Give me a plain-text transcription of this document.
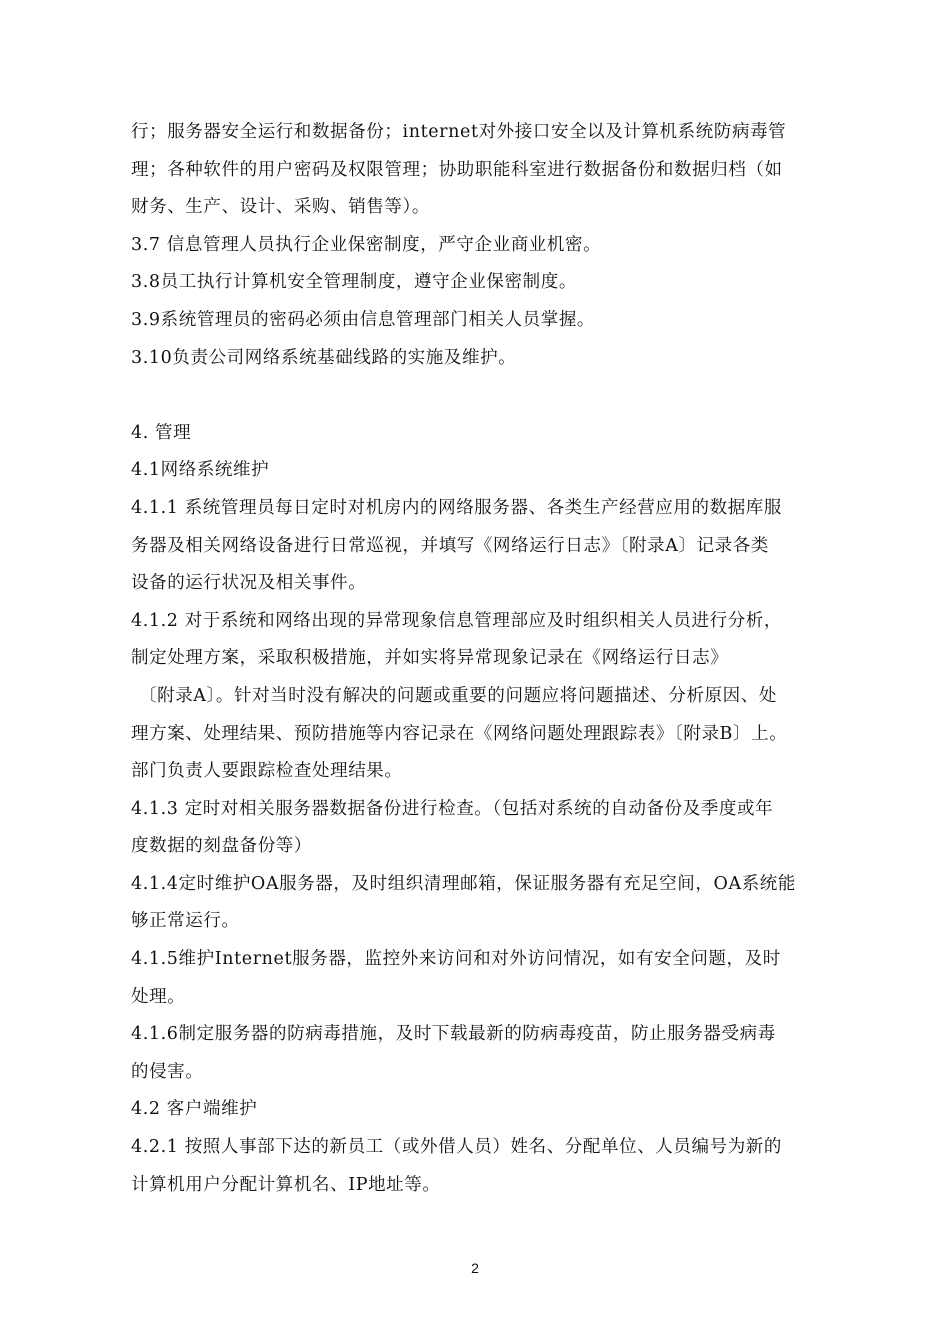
行；服务器安全运行和数据备份；internet对外接口安全以及计算机系统防病毒管
理；各种软件的用户密码及权限管理；协助职能科室进行数据备份和数据归档（如
财务、生产、设计、采购、销售等）。
3.7 信息管理人员执行企业保密制度，严守企业商业机密。
3.8员工执行计算机安全管理制度，遵守企业保密制度。
3.9系统管理员的密码必须由信息管理部门相关人员掌握。
3.10负责公司网络系统基础线路的实施及维护。
4. 管理
4.1网络系统维护
4.1.1 系统管理员每日定时对机房内的网络服务器、各类生产经营应用的数据库服
务器及相关网络设备进行日常巡视，并填写《网络运行日志》〔附录A〕记录各类
设备的运行状况及相关事件。
4.1.2 对于系统和网络出现的异常现象信息管理部应及时组织相关人员进行分析，
制定处理方案，采取积极措施，并如实将异常现象记录在《网络运行日志》
〔附录A〕。针对当时没有解决的问题或重要的问题应将问题描述、分析原因、处
理方案、处理结果、预防措施等内容记录在《网络问题处理跟踪表》〔附录B〕上。
部门负责人要跟踪检查处理结果。
4.1.3 定时对相关服务器数据备份进行检查。（包括对系统的自动备份及季度或年
度数据的刻盘备份等）
4.1.4定时维护OA服务器，及时组织清理邮箱，保证服务器有充足空间，OA系统能
够正常运行。
4.1.5维护Internet服务器，监控外来访问和对外访问情况，如有安全问题，及时
处理。
4.1.6制定服务器的防病毒措施，及时下载最新的防病毒疫苗，防止服务器受病毒
的侵害。
4.2 客户端维护
4.2.1 按照人事部下达的新员工（或外借人员）姓名、分配单位、人员编号为新的
计算机用户分配计算机名、IP地址等。
2
